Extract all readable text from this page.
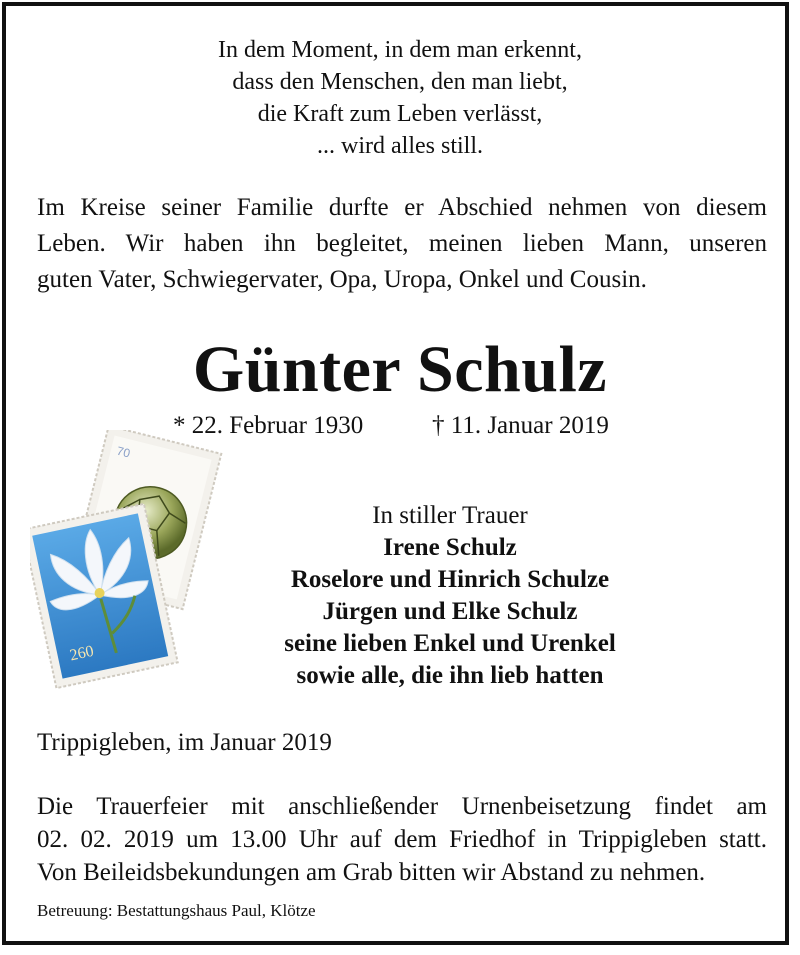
In dem Moment, in dem man erkennt,
dass den Menschen, den man liebt,
die Kraft zum Leben verlässt,
... wird alles still.
Im Kreise seiner Familie durfte er Abschied nehmen von diesem
Leben. Wir haben ihn begleitet, meinen lieben Mann, unseren
guten Vater, Schwiegervater, Opa, Uropa, Onkel und Cousin.
Günter Schulz
* 22. Februar 1930	† 11. Januar 2019
70
260
In stiller Trauer
Irene Schulz
Roselore und Hinrich Schulze
Jürgen und Elke Schulz
seine lieben Enkel und Urenkel
sowie alle, die ihn lieb hatten
Trippigleben, im Januar 2019
Die Trauerfeier mit anschließender Urnenbeisetzung findet am
02. 02. 2019 um 13.00 Uhr auf dem Friedhof in Trippigleben statt.
Von Beileidsbekundungen am Grab bitten wir Abstand zu nehmen.
Betreuung: Bestattungshaus Paul, Klötze
